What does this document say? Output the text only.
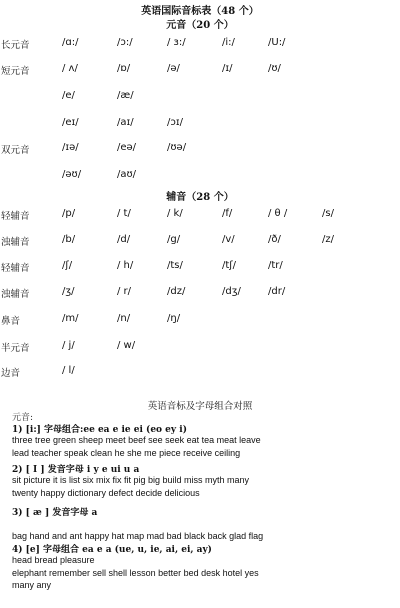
英语国际音标表（48 个）
元音（20 个）
长元音	/ɑ:/	/ɔ:/	/ ɜ:/	/i:/	/U:/
短元音	/ ʌ/	/ɒ/	/ə/	/ɪ/	/ʊ/
/e/	/æ/
/eɪ/	/aɪ/	/ɔɪ/
双元音	/ɪə/	/eə/	/ʊə/
/əʊ/	/aʊ/
辅音（28 个）
轻辅音	/p/	/ t/	/ k/	/f/	/ θ /	/s/
浊辅音	/b/	/d/	/g/	/v/	/ð/	/z/
轻辅音	/ʃ/	/ h/	/ts/	/tʃ/	/tr/
浊辅音	/ʒ/	/ r/	/dz/	/dʒ/	/dr/
鼻音	/m/	/n/	/ŋ/
半元音	/ j/	/ w/
边音	/ l/
英语音标及字母组合对照
元音:
1) [i:] 字母组合:ee ea e ie ei (eo ey i)
three tree green sheep meet beef see seek eat tea meat leave
lead teacher speak clean he she me piece receive ceiling
2) [ I ] 发音字母 i y e ui u a
sit picture it is list six mix fix fit pig big build miss myth many
twenty happy dictionary defect decide delicious
3) [ æ ] 发音字母 a
bag hand and ant happy hat map mad bad black back glad flag
4) [e] 字母组合 ea e a (ue, u, ie, ai, ei, ay)
head bread pleasure
elephant remember sell shell lesson better bed desk hotel yes
many any
